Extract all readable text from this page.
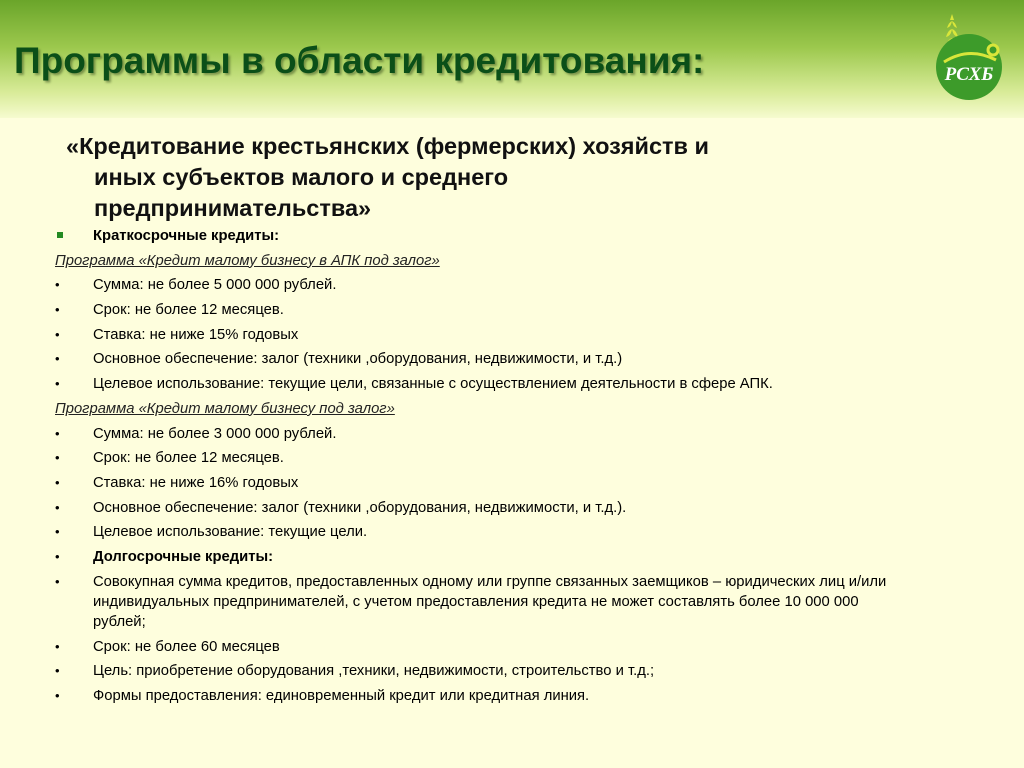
Программы в области кредитования:	РСХБ
«Кредитование крестьянских (фермерских) хозяйств и
иных субъектов малого и среднего
предпринимательства»
Краткосрочные кредиты:
Программа «Кредит малому бизнесу в АПК под залог»
•	Сумма: не более 5 000 000 рублей.
•	Срок: не более 12 месяцев.
•	Ставка: не ниже 15% годовых
•	Основное обеспечение: залог (техники ,оборудования, недвижимости, и т.д.)
•	Целевое использование: текущие цели, связанные с осуществлением деятельности в сфере АПК.
Программа «Кредит малому бизнесу под залог»
•	Сумма: не более 3 000 000 рублей.
•	Срок: не более 12 месяцев.
•	Ставка: не ниже 16% годовых
•	Основное обеспечение: залог (техники ,оборудования, недвижимости, и т.д.).
•	Целевое использование: текущие цели.
•	Долгосрочные кредиты:
•	Совокупная сумма кредитов, предоставленных одному или группе связанных заемщиков – юридических лиц и/или индивидуальных предпринимателей, с учетом предоставления кредита не может составлять более 10 000 000 рублей;
•	Срок: не более 60 месяцев
•	Цель: приобретение оборудования ,техники, недвижимости, строительство и т.д.;
•	Формы предоставления: единовременный кредит или кредитная линия.
